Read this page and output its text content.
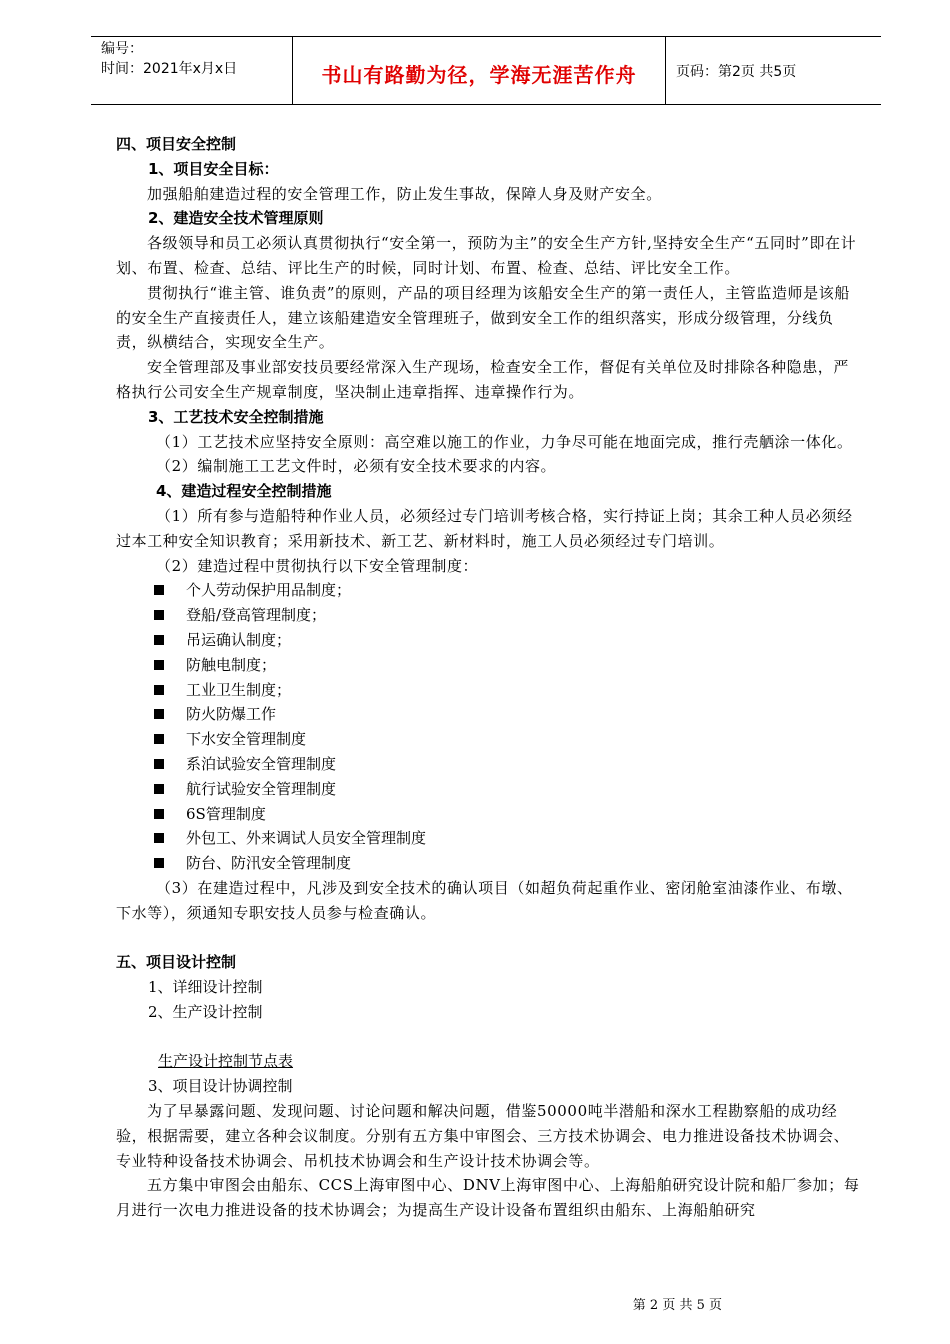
编号：
时间：2021年x月x日	书山有路勤为径，学海无涯苦作舟	页码：第2页 共5页

四、项目安全控制

1、项目安全目标：

加强船舶建造过程的安全管理工作，防止发生事故，保障人身及财产安全。

2、建造安全技术管理原则

各级领导和员工必须认真贯彻执行“安全第一，预防为主”的安全生产方针,坚持安全生产“五同时”即在计划、布置、检查、总结、评比生产的时候，同时计划、布置、检查、总结、评比安全工作。

贯彻执行“谁主管、谁负责”的原则，产品的项目经理为该船安全生产的第一责任人，主管监造师是该船的安全生产直接责任人，建立该船建造安全管理班子，做到安全工作的组织落实，形成分级管理，分线负责，纵横结合，实现安全生产。

安全管理部及事业部安技员要经常深入生产现场，检查安全工作，督促有关单位及时排除各种隐患，严格执行公司安全生产规章制度，坚决制止违章指挥、违章操作行为。

3、工艺技术安全控制措施

（1）工艺技术应坚持安全原则：高空难以施工的作业，力争尽可能在地面完成，推行壳舾涂一体化。

（2）编制施工工艺文件时，必须有安全技术要求的内容。

4、建造过程安全控制措施

（1）所有参与造船特种作业人员，必须经过专门培训考核合格，实行持证上岗；其余工种人员必须经过本工种安全知识教育；采用新技术、新工艺、新材料时，施工人员必须经过专门培训。

（2）建造过程中贯彻执行以下安全管理制度：

个人劳动保护用品制度；

登船/登高管理制度；

吊运确认制度；

防触电制度；

工业卫生制度；

防火防爆工作

下水安全管理制度

系泊试验安全管理制度

航行试验安全管理制度

6S管理制度

外包工、外来调试人员安全管理制度

防台、防汛安全管理制度

（3）在建造过程中，凡涉及到安全技术的确认项目（如超负荷起重作业、密闭舱室油漆作业、布墩、下水等），须通知专职安技人员参与检查确认。

五、项目设计控制

1、详细设计控制

2、生产设计控制

生产设计控制节点表

3、项目设计协调控制

为了早暴露问题、发现问题、讨论问题和解决问题，借鉴50000吨半潜船和深水工程勘察船的成功经验，根据需要，建立各种会议制度。分别有五方集中审图会、三方技术协调会、电力推进设备技术协调会、专业特种设备技术协调会、吊机技术协调会和生产设计技术协调会等。

五方集中审图会由船东、CCS上海审图中心、DNV上海审图中心、上海船舶研究设计院和船厂参加；每月进行一次电力推进设备的技术协调会；为提高生产设计设备布置组织由船东、上海船舶研究

第 2 页 共 5 页
